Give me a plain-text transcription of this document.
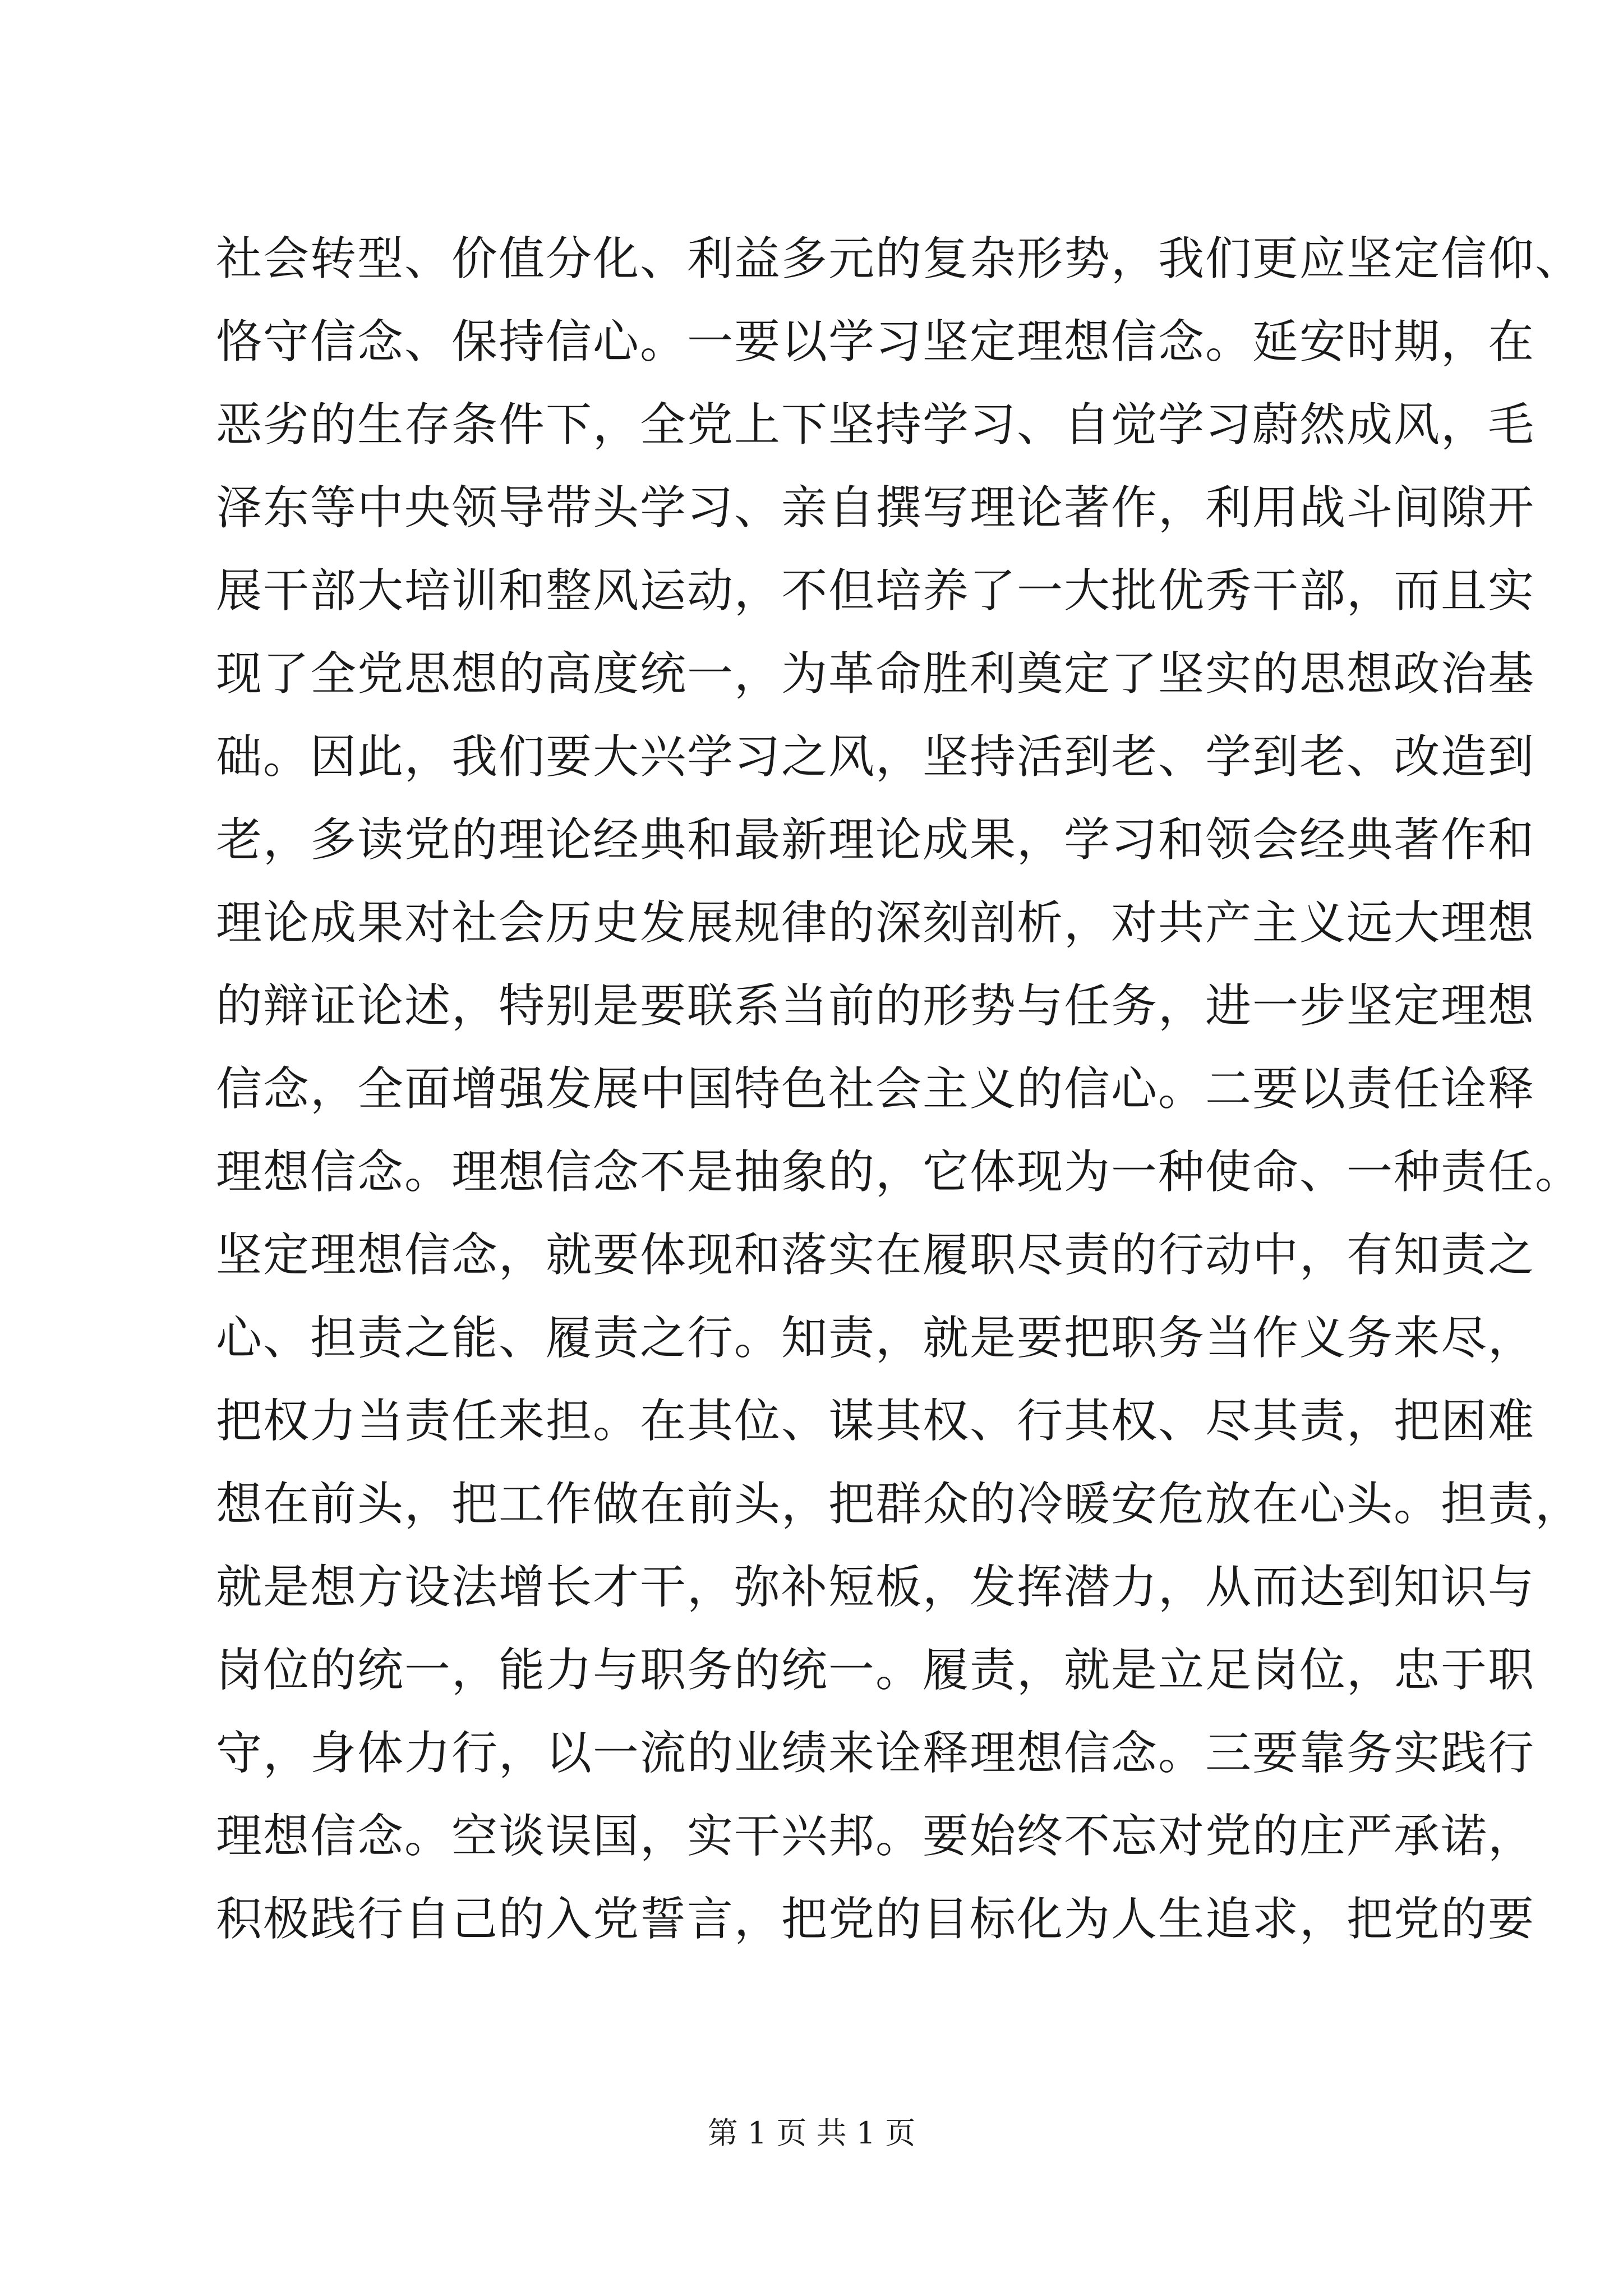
社会转型、价值分化、利益多元的复杂形势，我们更应坚定信仰、
恪守信念、保持信心。一要以学习坚定理想信念。延安时期，在
恶劣的生存条件下，全党上下坚持学习、自觉学习蔚然成风，毛
泽东等中央领导带头学习、亲自撰写理论著作，利用战斗间隙开
展干部大培训和整风运动，不但培养了一大批优秀干部，而且实
现了全党思想的高度统一，为革命胜利奠定了坚实的思想政治基
础。因此，我们要大兴学习之风，坚持活到老、学到老、改造到
老，多读党的理论经典和最新理论成果，学习和领会经典著作和
理论成果对社会历史发展规律的深刻剖析，对共产主义远大理想
的辩证论述，特别是要联系当前的形势与任务，进一步坚定理想
信念，全面增强发展中国特色社会主义的信心。二要以责任诠释
理想信念。理想信念不是抽象的，它体现为一种使命、一种责任。
坚定理想信念，就要体现和落实在履职尽责的行动中，有知责之
心、担责之能、履责之行。知责，就是要把职务当作义务来尽，
把权力当责任来担。在其位、谋其权、行其权、尽其责，把困难
想在前头，把工作做在前头，把群众的冷暖安危放在心头。担责，
就是想方设法增长才干，弥补短板，发挥潜力，从而达到知识与
岗位的统一，能力与职务的统一。履责，就是立足岗位，忠于职
守，身体力行，以一流的业绩来诠释理想信念。三要靠务实践行
理想信念。空谈误国，实干兴邦。要始终不忘对党的庄严承诺，
积极践行自己的入党誓言，把党的目标化为人生追求，把党的要
第 1 页 共 1 页
